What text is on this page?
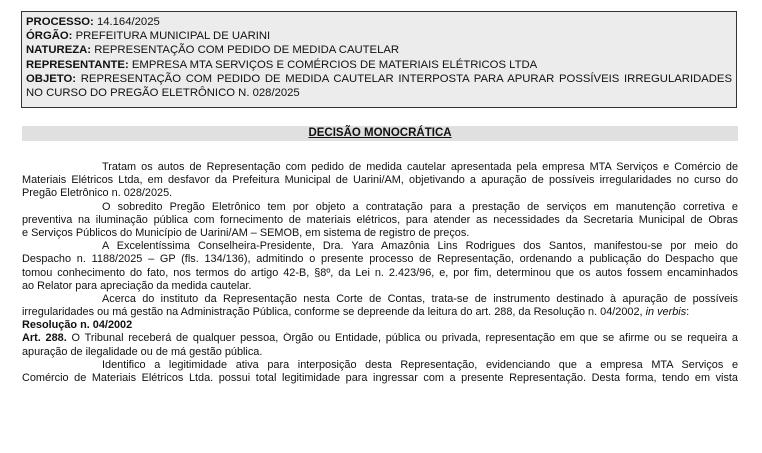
PROCESSO: 14.164/2025
ÓRGÃO: PREFEITURA MUNICIPAL DE UARINI
NATUREZA: REPRESENTAÇÃO COM PEDIDO DE MEDIDA CAUTELAR
REPRESENTANTE: EMPRESA MTA SERVIÇOS E COMÉRCIOS DE MATERIAIS ELÉTRICOS LTDA
OBJETO: REPRESENTAÇÃO COM PEDIDO DE MEDIDA CAUTELAR INTERPOSTA PARA APURAR POSSÍVEIS IRREGULARIDADES
NO CURSO DO PREGÃO ELETRÔNICO N. 028/2025
DECISÃO MONOCRÁTICA
Tratam os autos de Representação com pedido de medida cautelar apresentada pela empresa MTA Serviços e Comércio de
Materiais Elétricos Ltda, em desfavor da Prefeitura Municipal de Uarini/AM, objetivando a apuração de possíveis irregularidades no curso do
Pregão Eletrônico n. 028/2025.
O sobredito Pregão Eletrônico tem por objeto a contratação para a prestação de serviços em manutenção corretiva e
preventiva na iluminação pública com fornecimento de materiais elétricos, para atender as necessidades da Secretaria Municipal de Obras
e Serviços Públicos do Município de Uarini/AM – SEMOB, em sistema de registro de preços.
A Excelentíssima Conselheira-Presidente, Dra. Yara Amazônia Lins Rodrigues dos Santos, manifestou-se por meio do
Despacho n. 1188/2025 – GP (fls. 134/136), admitindo o presente processo de Representação, ordenando a publicação do Despacho que
tomou conhecimento do fato, nos termos do artigo 42-B, §8º, da Lei n. 2.423/96, e, por fim, determinou que os autos fossem encaminhados
ao Relator para apreciação da medida cautelar.
Acerca do instituto da Representação nesta Corte de Contas, trata-se de instrumento destinado à apuração de possíveis
irregularidades ou má gestão na Administração Pública, conforme se depreende da leitura do art. 288, da Resolução n. 04/2002, in verbis:
Resolução n. 04/2002
Art. 288. O Tribunal receberá de qualquer pessoa, Órgão ou Entidade, pública ou privada, representação em que se afirme ou se requeira a
apuração de ilegalidade ou de má gestão pública.
Identifico a legitimidade ativa para interposição desta Representação, evidenciando que a empresa MTA Serviços e
Comércio de Materiais Elétricos Ltda. possui total legitimidade para ingressar com a presente Representação. Desta forma, tendo em vista
